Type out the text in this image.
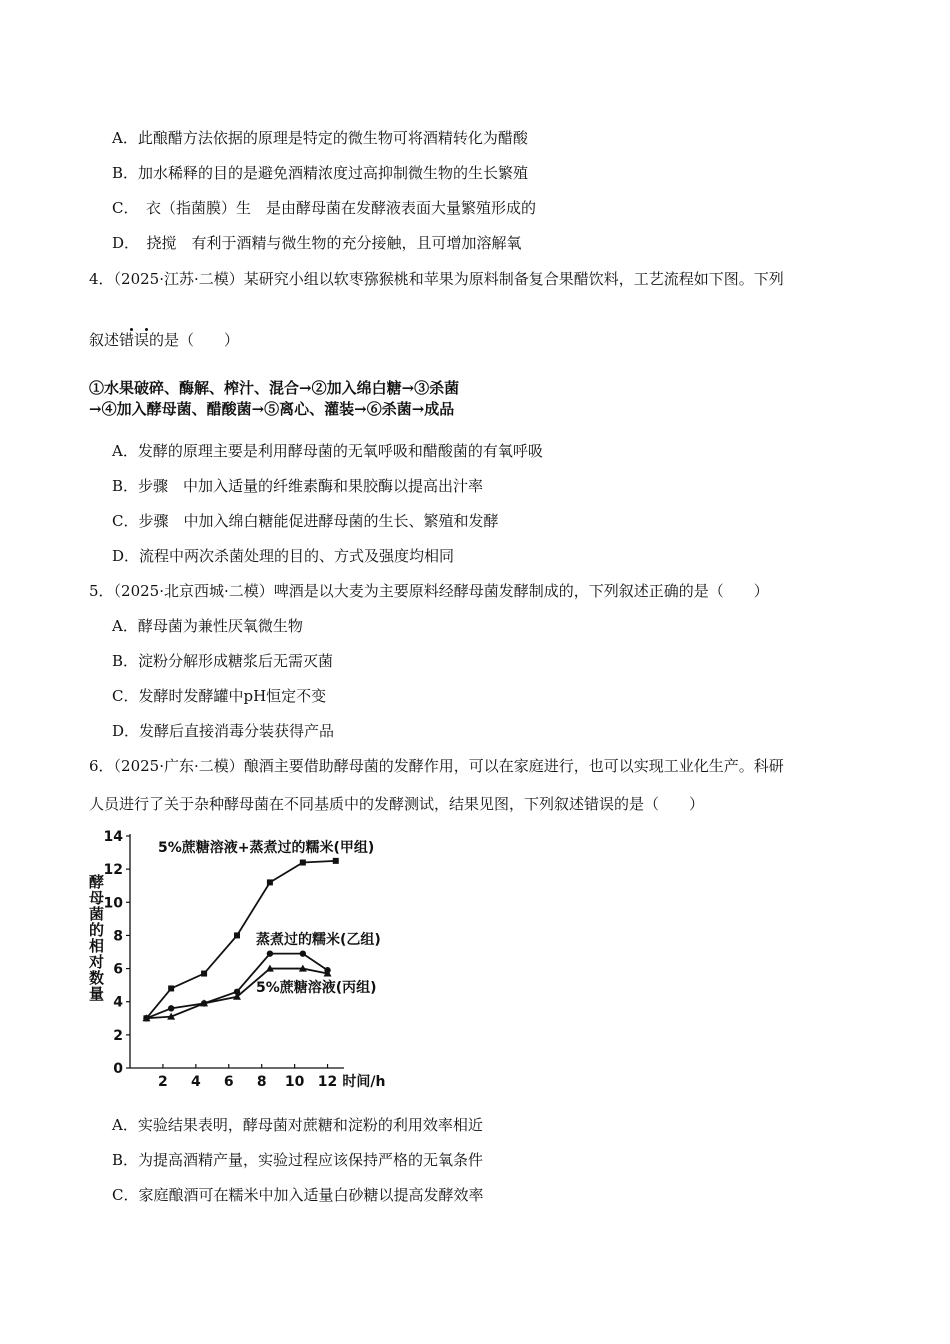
A．此酿醋方法依据的原理是特定的微生物可将酒精转化为醋酸
B．加水稀释的目的是避免酒精浓度过高抑制微生物的生长繁殖
C．　衣（指菌膜）生　是由酵母菌在发酵液表面大量繁殖形成的
D．　挠搅　有利于酒精与微生物的充分接触，且可增加溶解氧
4．（2025·江苏·二模）某研究小组以软枣猕猴桃和苹果为原料制备复合果醋饮料，工艺流程如下图。下列
叙述错误的是（　　）
①水果破碎、酶解、榨汁、混合→②加入绵白糖→③杀菌
→④加入酵母菌、醋酸菌→⑤离心、灌装→⑥杀菌→成品
A．发酵的原理主要是利用酵母菌的无氧呼吸和醋酸菌的有氧呼吸
B．步骤　中加入适量的纤维素酶和果胶酶以提高出汁率
C．步骤　中加入绵白糖能促进酵母菌的生长、繁殖和发酵
D．流程中两次杀菌处理的目的、方式及强度均相同
5．（2025·北京西城·二模）啤酒是以大麦为主要原料经酵母菌发酵制成的，下列叙述正确的是（　　）
A．酵母菌为兼性厌氧微生物
B．淀粉分解形成糖浆后无需灭菌
C．发酵时发酵罐中pH恒定不变
D．发酵后直接消毒分装获得产品
6．（2025·广东·二模）酿酒主要借助酵母菌的发酵作用，可以在家庭进行，也可以实现工业化生产。科研
人员进行了关于杂种酵母菌在不同基质中的发酵测试，结果见图，下列叙述错误的是（　　）
0
2
4
6
8
10
12
14
2 4 6 8 10 12 时间/h
酵母菌的相对数量
5%蔗糖溶液+蒸煮过的糯米(甲组)
蒸煮过的糯米(乙组)
5%蔗糖溶液(丙组)
A．实验结果表明，酵母菌对蔗糖和淀粉的利用效率相近
B．为提高酒精产量，实验过程应该保持严格的无氧条件
C．家庭酿酒可在糯米中加入适量白砂糖以提高发酵效率
